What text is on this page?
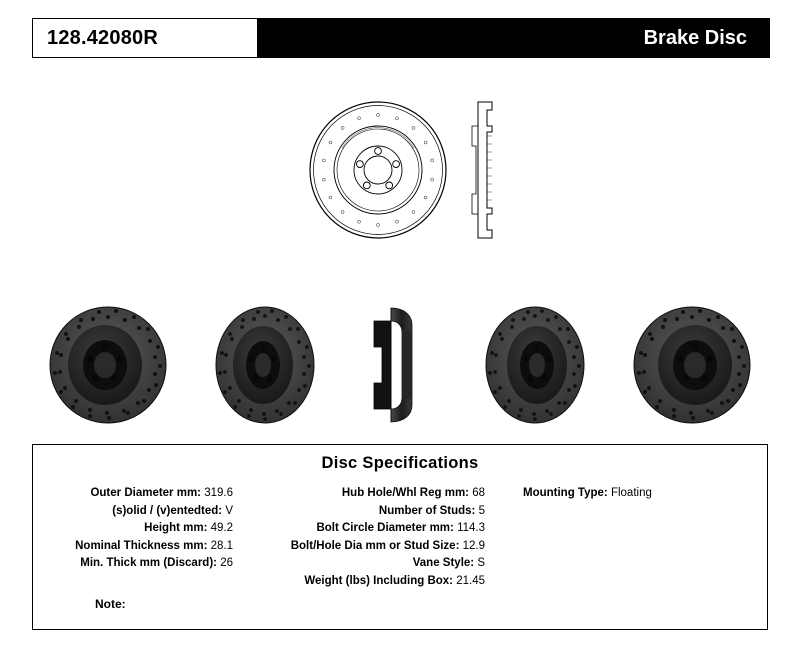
128.42080R	Brake Disc
Disc Specifications
Outer Diameter mm: 319.6
(s)olid / (v)entedted: V
Height mm: 49.2
Nominal Thickness mm: 28.1
Min. Thick mm (Discard): 26
Hub Hole/Whl Reg mm: 68
Number of Studs: 5
Bolt Circle Diameter mm: 114.3
Bolt/Hole Dia mm or Stud Size: 12.9
Vane Style: S
Weight (lbs) Including Box: 21.45
Mounting Type: Floating
Note:
